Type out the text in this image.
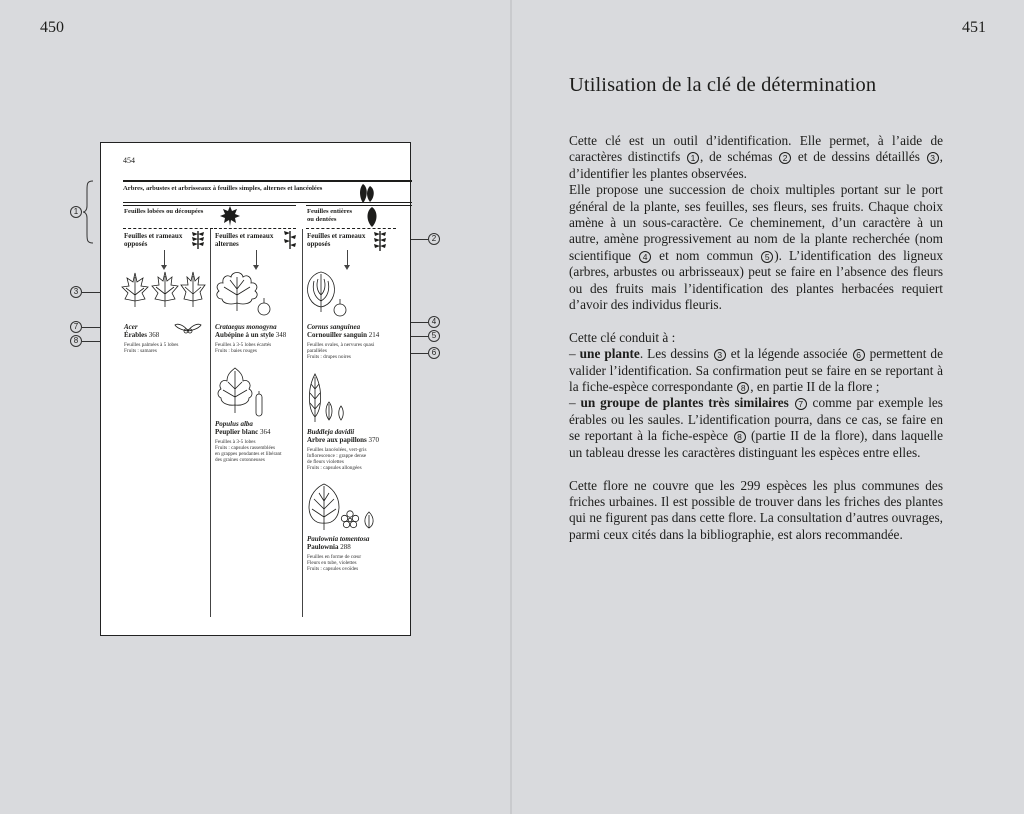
450
1
2
3
4
5
6
7
8
454
Arbres, arbustes et arbrisseaux à feuilles simples, alternes et lancéolées
Feuilles lobées ou découpées	Feuilles entières
ou dentées
Feuilles et rameaux
opposés
Feuilles et rameaux
alternes
Feuilles et rameaux
opposés
Acer
Érables 368
Feuilles palmées à 5 lobes
Fruits : samares
Crataegus monogyna
Aubépine à un style 348
Feuilles à 3-5 lobes écartés
Fruits : baies rouges
Populus alba
Peuplier blanc 364
Feuilles à 3-5 lobes
Fruits : capsules rassemblées
en grappes pendantes et libérant
des graines cotonneuses
Cornus sanguinea
Cornouiller sanguin 214
Feuilles ovales, à nervures quasi
parallèles
Fruits : drupes noires
Buddleja davidii
Arbre aux papillons 370
Feuilles lancéolées, vert-gris
Inflorescence : grappe dense
de fleurs violettes
Fruits : capsules allongées
Paulownia tomentosa
Paulownia 288
Feuilles en forme de cœur
Fleurs en tube, violettes
Fruits : capsules ovoïdes
451
Utilisation de la clé de détermination

Cette clé est un outil d’identification. Elle permet, à l’aide de caractères distinctifs 1 , de schémas 2 et de dessins détaillés 3 , d’identifier les plantes observées.

Elle propose une succession de choix multiples portant sur le port général de la plante, ses feuilles, ses fleurs, ses fruits. Chaque choix amène à un sous-caractère. Ce cheminement, d’un caractère à un autre, amène progressivement au nom de la plante recherchée (nom scientifique 4 et nom commun 5 ). L’identification des ligneux (arbres, arbustes ou arbrisseaux) peut se faire en l’absence des fleurs ou des fruits mais l’identification des plantes herbacées requiert d’avoir des individus fleuris.

Cette clé conduit à :

– une plante. Les dessins 3 et la légende associée 6 permettent de valider l’identification. Sa confirmation peut se faire en se reportant à la fiche-espèce correspondante 8 , en partie II de la flore ;

– un groupe de plantes très similaires 7 comme par exemple les érables ou les saules. L’identification pourra, dans ce cas, se faire en se reportant à la fiche-espèce 8 (partie II de la flore), dans laquelle un tableau dresse les caractères distinguant les espèces entre elles.

Cette flore ne couvre que les 299 espèces les plus communes des friches urbaines. Il est possible de trouver dans les friches des plantes qui ne figurent pas dans cette flore. La consultation d’autres ouvrages, parmi ceux cités dans la bibliographie, est alors recommandée.
